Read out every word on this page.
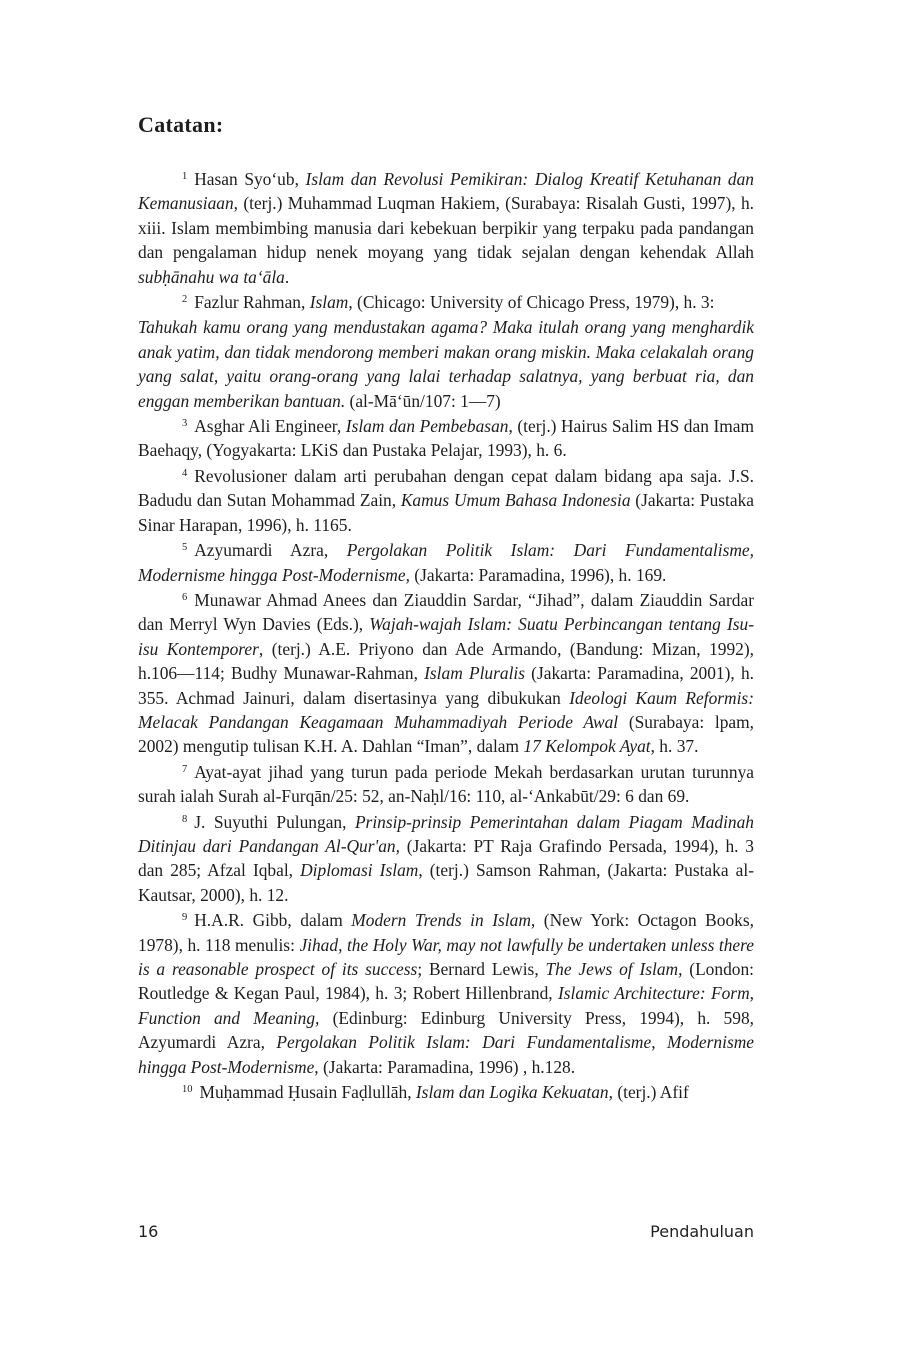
Catatan:

$^1$ Hasan Syo‘ub, Islam dan Revolusi Pemikiran: Dialog Kreatif Ketuhanan dan Kemanusiaan, (terj.) Muhammad Luqman Hakiem, (Surabaya: Risalah Gusti, 1997), h. xiii. Islam membimbing manusia dari kebekuan berpikir yang terpaku pada pandangan dan pengalaman hidup nenek moyang yang tidak sejalan dengan kehendak Allah subḥānahu wa ta‘āla.

$^2$ Fazlur Rahman, Islam, (Chicago: University of Chicago Press, 1979), h. 3:

Tahukah kamu orang yang mendustakan agama? Maka itulah orang yang menghardik anak yatim, dan tidak mendorong memberi makan orang miskin. Maka celakalah orang yang salat, yaitu orang-orang yang lalai terhadap salatnya, yang berbuat ria, dan enggan memberikan bantuan. (al-Mā‘ūn/107: 1—7)

$^3$ Asghar Ali Engineer, Islam dan Pembebasan, (terj.) Hairus Salim HS dan Imam Baehaqy, (Yogyakarta: LKiS dan Pustaka Pelajar, 1993), h. 6.

$^4$ Revolusioner dalam arti perubahan dengan cepat dalam bidang apa saja. J.S. Badudu dan Sutan Mohammad Zain, Kamus Umum Bahasa Indonesia (Jakarta: Pustaka Sinar Harapan, 1996), h. 1165.

$^5$ Azyumardi Azra, Pergolakan Politik Islam: Dari Fundamentalisme, Modernisme hingga Post-Modernisme, (Jakarta: Paramadina, 1996), h. 169.

$^6$ Munawar Ahmad Anees dan Ziauddin Sardar, “Jihad”, dalam Ziauddin Sardar dan Merryl Wyn Davies (Eds.), Wajah-wajah Islam: Suatu Perbincangan tentang Isu-isu Kontemporer, (terj.) A.E. Priyono dan Ade Armando, (Bandung: Mizan, 1992), h.106—114; Budhy Munawar-Rahman, Islam Pluralis (Jakarta: Paramadina, 2001), h. 355. Achmad Jainuri, dalam disertasinya yang dibukukan Ideologi Kaum Reformis: Melacak Pandangan Keagamaan Muhammadiyah Periode Awal (Surabaya: lpam, 2002) mengutip tulisan K.H. A. Dahlan “Iman”, dalam 17 Kelompok Ayat, h. 37.

$^7$ Ayat-ayat jihad yang turun pada periode Mekah berdasarkan urutan turunnya surah ialah Surah al-Furqān/25: 52, an-Naḥl/16: 110, al-‘Ankabūt/29: 6 dan 69.

$^8$ J. Suyuthi Pulungan, Prinsip-prinsip Pemerintahan dalam Piagam Madinah Ditinjau dari Pandangan Al-Qur'an, (Jakarta: PT Raja Grafindo Persada, 1994), h. 3 dan 285; Afzal Iqbal, Diplomasi Islam, (terj.) Samson Rahman, (Jakarta: Pustaka al-Kautsar, 2000), h. 12.

$^9$ H.A.R. Gibb, dalam Modern Trends in Islam, (New York: Octagon Books, 1978), h. 118 menulis: Jihad, the Holy War, may not lawfully be undertaken unless there is a reasonable prospect of its success; Bernard Lewis, The Jews of Islam, (London: Routledge & Kegan Paul, 1984), h. 3; Robert Hillenbrand, Islamic Architecture: Form, Function and Meaning, (Edinburg: Edinburg University Press, 1994), h. 598, Azyumardi Azra, Pergolakan Politik Islam: Dari Fundamentalisme, Modernisme hingga Post-Modernisme, (Jakarta: Paramadina, 1996) , h.128.

$^{10}$ Muḥammad Ḥusain Faḍlullāh, Islam dan Logika Kekuatan, (terj.) Afif

16	Pendahuluan
